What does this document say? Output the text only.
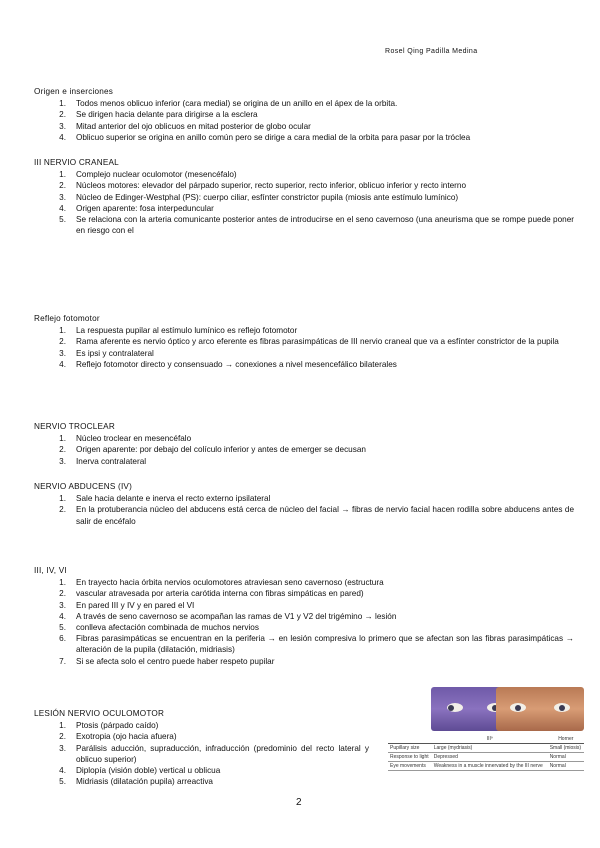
Rosel Qing Padilla Medina
Origen e inserciones
1. Todos menos oblicuo inferior (cara medial) se origina de un anillo en el ápex de la orbita.
2. Se dirigen hacia delante para dirigirse a la esclera
3. Mitad anterior del ojo oblicuos en mitad posterior de globo ocular
4. Oblicuo superior se origina en anillo común pero se dirige a cara medial de la orbita para pasar por la tróclea
III NERVIO CRANEAL
1. Complejo nuclear oculomotor (mesencéfalo)
2. Núcleos motores: elevador del párpado superior, recto superior, recto inferior, oblicuo inferior y recto interno
3. Núcleo de Edinger-Westphal (PS): cuerpo ciliar, esfínter constrictor pupila (miosis ante estímulo lumínico)
4. Origen aparente: fosa interpeduncular
5. Se relaciona con la arteria comunicante posterior antes de introducirse en el seno cavernoso (una aneurisma que se rompe puede poner en riesgo con el
Reflejo fotomotor
1. La respuesta pupilar al estímulo lumínico es reflejo fotomotor
2. Rama aferente es nervio óptico y arco eferente es fibras parasimpáticas de III nervio craneal que va a esfínter constrictor de la pupila
3. Es ipsi y contralateral
4. Reflejo fotomotor directo y consensuado → conexiones a nivel mesencefálico bilaterales
NERVIO TROCLEAR
1. Núcleo troclear en mesencéfalo
2. Origen aparente: por debajo del colículo inferior y antes de emerger se decusan
3. Inerva contralateral
NERVIO ABDUCENS (IV)
1. Sale hacia delante e inerva el recto externo ipsilateral
2. En la protuberancia núcleo del abducens está cerca de núcleo del facial → fibras de nervio facial hacen rodilla sobre abducens antes de salir de encéfalo
III, IV, VI
1. En trayecto hacia órbita nervios oculomotores atraviesan seno cavernoso (estructura
2. vascular atravesada por arteria carótida interna con fibras simpáticas en pared)
3. En pared III y IV y en pared el VI
4. A través de seno cavernoso se acompañan las ramas de V1 y V2 del trigémino → lesión
5. conlleva afectación combinada de muchos nervios
6. Fibras parasimpáticas se encuentran en la periferia → en lesión compresiva lo primero que se afectan son las fibras parasimpáticas → alteración de la pupila (dilatación, midriasis)
7. Si se afecta solo el centro puede haber respeto pupilar
LESIÓN NERVIO OCULOMOTOR
1. Ptosis (párpado caído)
2. Exotropia (ojo hacia afuera)
3. Parálisis aducción, supraducción, infraducción (predominio del recto lateral y oblicuo superior)
4. Diplopía (visión doble) vertical u oblicua
5. Midriasis (dilatación pupila) arreactiva
	IIIº	Horner
Pupillary size	Large (mydriasis)	Small (miosis)
Response to light	Depressed	Normal
Eye movements	Weakness in a muscle innervated by the III nerve	Normal
2
